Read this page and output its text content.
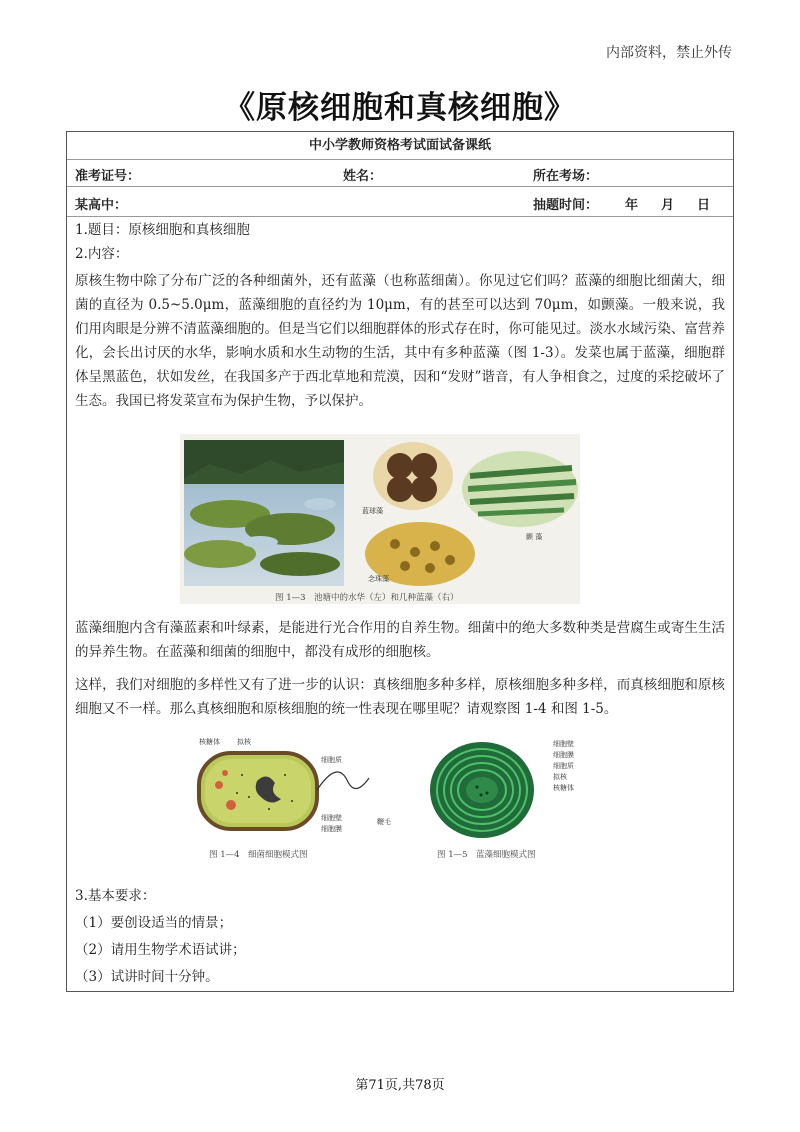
内部资料，禁止外传
《原核细胞和真核细胞》
中小学教师资格考试面试备课纸
准考证号：	姓名：	所在考场：
某高中：	抽题时间： 年 月 日
1.题目：原核细胞和真核细胞
2.内容：
原核生物中除了分布广泛的各种细菌外，还有蓝藻（也称蓝细菌）。你见过它们吗？蓝藻的细胞比细菌大，细菌的直径为 0.5~5.0μm，蓝藻细胞的直径约为 10μm，有的甚至可以达到 70μm，如颤藻。一般来说，我们用肉眼是分辨不清蓝藻细胞的。但是当它们以细胞群体的形式存在时，你可能见过。淡水水域污染、富营养化，会长出讨厌的水华，影响水质和水生动物的生活，其中有多种蓝藻（图 1-3）。发菜也属于蓝藻，细胞群体呈黑蓝色，状如发丝，在我国多产于西北草地和荒漠，因和“发财”谐音，有人争相食之，过度的采挖破坏了生态。我国已将发菜宣布为保护生物，予以保护。
蓝球藻
颤 藻
念珠藻
图 1—3　池塘中的水华（左）和几种蓝藻（右）
蓝藻细胞内含有藻蓝素和叶绿素，是能进行光合作用的自养生物。细菌中的绝大多数种类是营腐生或寄生生活的异养生物。在蓝藻和细菌的细胞中，都没有成形的细胞核。
这样，我们对细胞的多样性又有了进一步的认识：真核细胞多种多样，原核细胞多种多样，而真核细胞和原核细胞又不一样。那么真核细胞和原核细胞的统一性表现在哪里呢？请观察图 1-4 和图 1-5。
核糖体 拟核
细胞质
细胞壁
细胞膜
鞭毛
图 1—4　细菌细胞模式图
细胞壁
细胞膜
细胞质
拟核
核糖体
图 1—5　蓝藻细胞模式图
3.基本要求：
（1）要创设适当的情景；
（2）请用生物学术语试讲；
（3）试讲时间十分钟。
第71页,共78页
